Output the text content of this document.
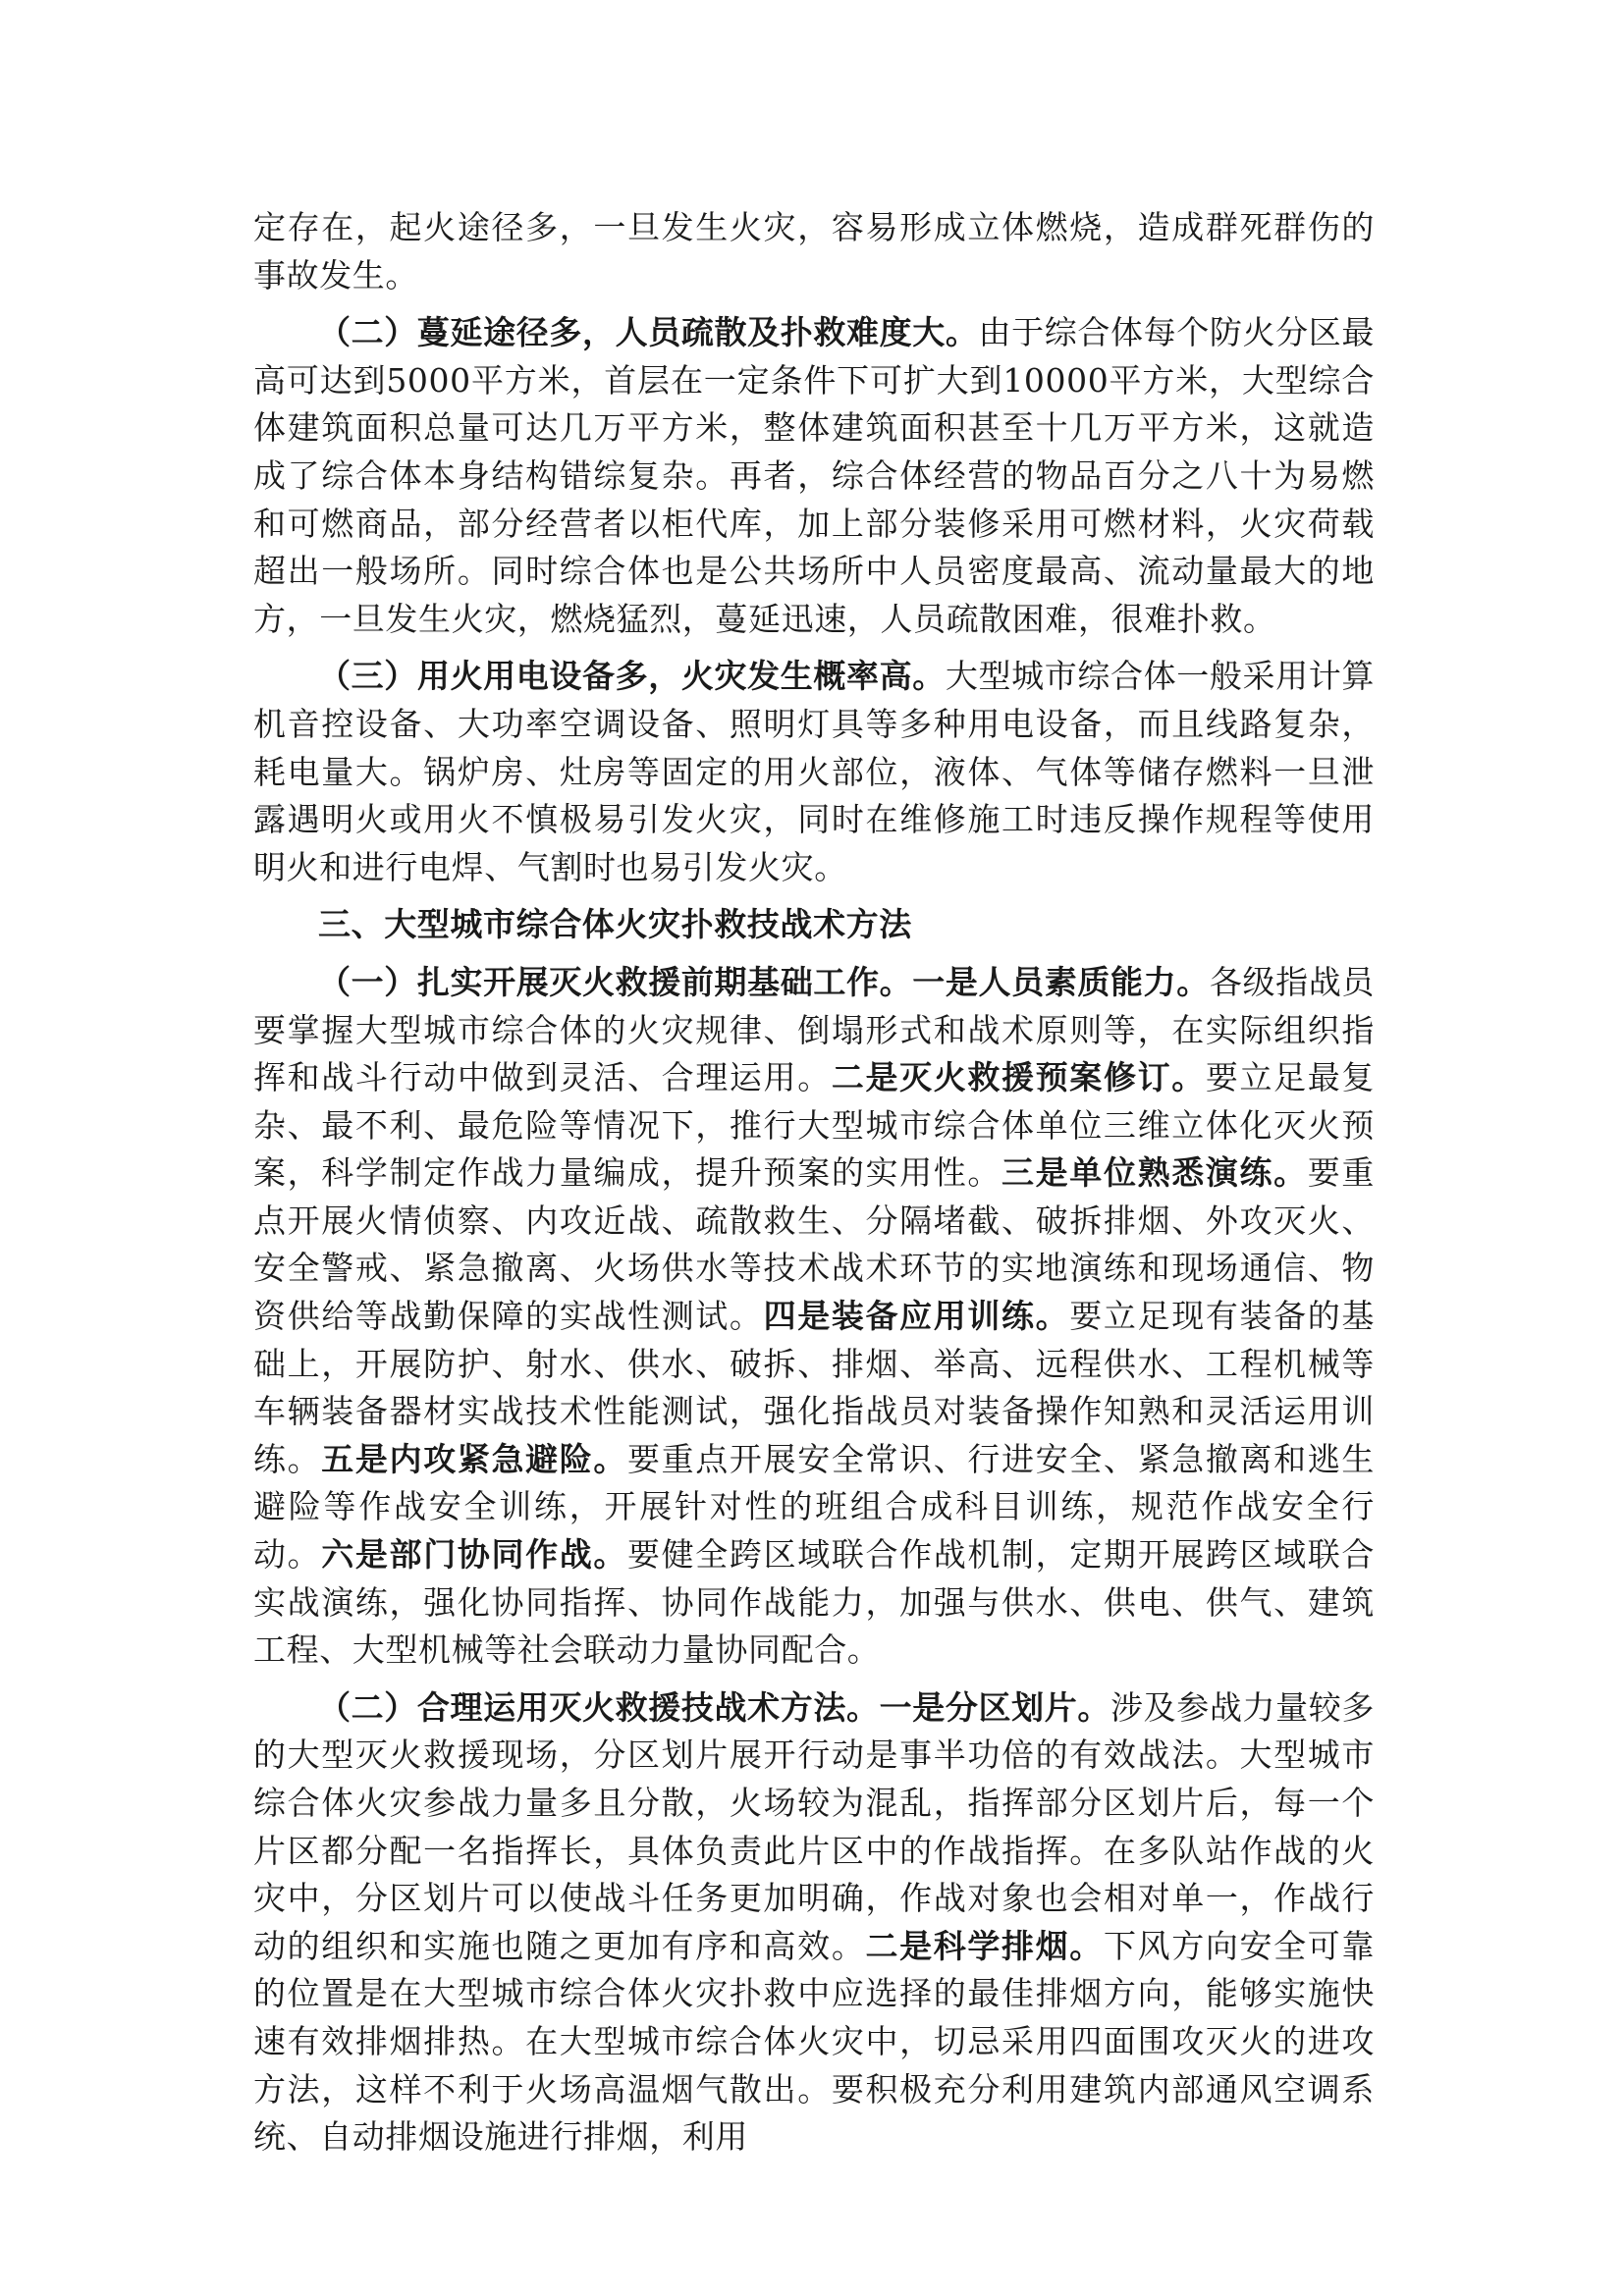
定存在，起火途径多，一旦发生火灾，容易形成立体燃烧，造成群死群伤的事故发生。

（二）蔓延途径多，人员疏散及扑救难度大。由于综合体每个防火分区最高可达到5000平方米，首层在一定条件下可扩大到10000平方米，大型综合体建筑面积总量可达几万平方米，整体建筑面积甚至十几万平方米，这就造成了综合体本身结构错综复杂。再者，综合体经营的物品百分之八十为易燃和可燃商品，部分经营者以柜代库，加上部分装修采用可燃材料，火灾荷载超出一般场所。同时综合体也是公共场所中人员密度最高、流动量最大的地方，一旦发生火灾，燃烧猛烈，蔓延迅速，人员疏散困难，很难扑救。

（三）用火用电设备多，火灾发生概率高。大型城市综合体一般采用计算机音控设备、大功率空调设备、照明灯具等多种用电设备，而且线路复杂，耗电量大。锅炉房、灶房等固定的用火部位，液体、气体等储存燃料一旦泄露遇明火或用火不慎极易引发火灾，同时在维修施工时违反操作规程等使用明火和进行电焊、气割时也易引发火灾。

三、大型城市综合体火灾扑救技战术方法

（一）扎实开展灭火救援前期基础工作。一是人员素质能力。各级指战员要掌握大型城市综合体的火灾规律、倒塌形式和战术原则等，在实际组织指挥和战斗行动中做到灵活、合理运用。二是灭火救援预案修订。要立足最复杂、最不利、最危险等情况下，推行大型城市综合体单位三维立体化灭火预案，科学制定作战力量编成，提升预案的实用性。三是单位熟悉演练。要重点开展火情侦察、内攻近战、疏散救生、分隔堵截、破拆排烟、外攻灭火、安全警戒、紧急撤离、火场供水等技术战术环节的实地演练和现场通信、物资供给等战勤保障的实战性测试。四是装备应用训练。要立足现有装备的基础上，开展防护、射水、供水、破拆、排烟、举高、远程供水、工程机械等车辆装备器材实战技术性能测试，强化指战员对装备操作知熟和灵活运用训练。五是内攻紧急避险。要重点开展安全常识、行进安全、紧急撤离和逃生避险等作战安全训练，开展针对性的班组合成科目训练，规范作战安全行动。六是部门协同作战。要健全跨区域联合作战机制，定期开展跨区域联合实战演练，强化协同指挥、协同作战能力，加强与供水、供电、供气、建筑工程、大型机械等社会联动力量协同配合。

（二）合理运用灭火救援技战术方法。一是分区划片。涉及参战力量较多的大型灭火救援现场，分区划片展开行动是事半功倍的有效战法。大型城市综合体火灾参战力量多且分散，火场较为混乱，指挥部分区划片后，每一个片区都分配一名指挥长，具体负责此片区中的作战指挥。在多队站作战的火灾中，分区划片可以使战斗任务更加明确，作战对象也会相对单一，作战行动的组织和实施也随之更加有序和高效。二是科学排烟。下风方向安全可靠的位置是在大型城市综合体火灾扑救中应选择的最佳排烟方向，能够实施快速有效排烟排热。在大型城市综合体火灾中，切忌采用四面围攻灭火的进攻方法，这样不利于火场高温烟气散出。要积极充分利用建筑内部通风空调系统、自动排烟设施进行排烟，利用
